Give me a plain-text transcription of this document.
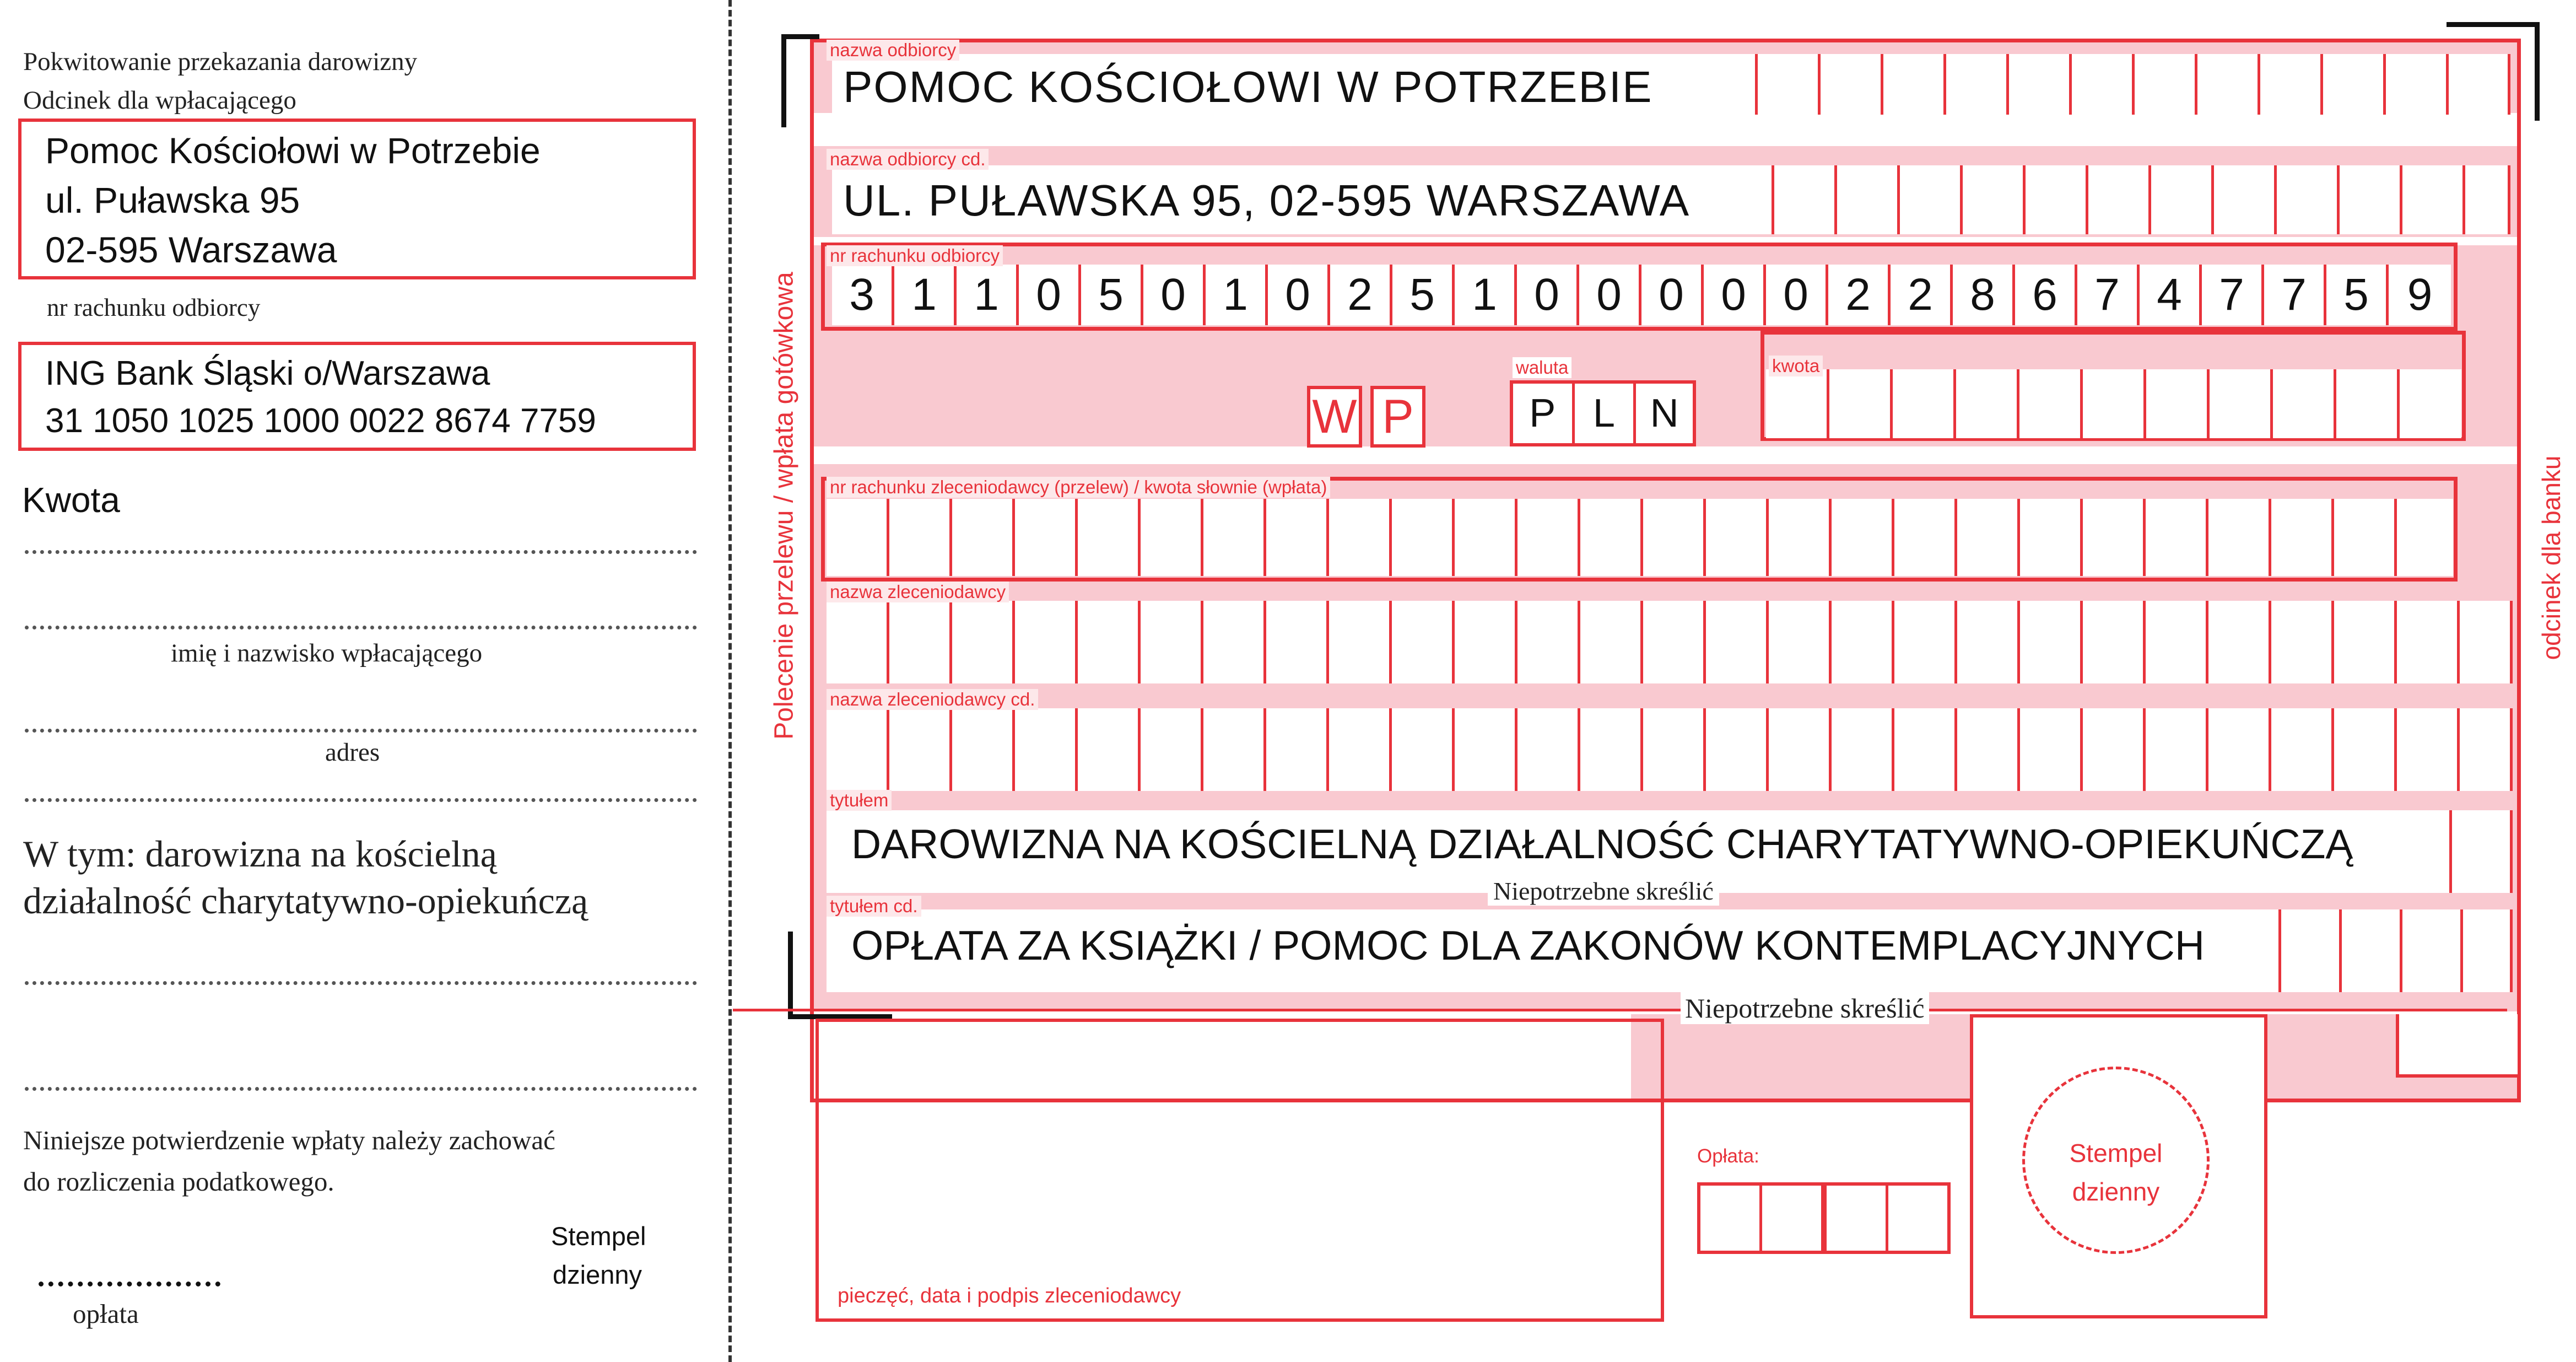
Pokwitowanie przekazania darowizny
Odcinek dla wpłacającego
Pomoc Kościołowi w Potrzebie
ul. Puławska 95
02-595 Warszawa
nr rachunku odbiorcy
ING Bank Śląski o/Warszawa
31 1050 1025 1000 0022 8674 7759
Kwota
imię i nazwisko wpłacającego
adres
W tym: darowizna na kościelną
działalność charytatywno-opiekuńczą
Niniejsze potwierdzenie wpłaty należy zachować
do rozliczenia podatkowego.
Stempel
dzienny
opłata
Polecenie przelewu / wpłata gotówkowa	odcinek dla banku
nazwa odbiorcy
POMOC KOŚCIOŁOWI W POTRZEBIE
nazwa odbiorcy cd.
UL. PUŁAWSKA 95, 02-595 WARSZAWA
3 1 1 0 5 0 1 0 2 5 1 0 0 0 0 0 2 2 8 6 7 4 7 7 5 9
nr rachunku odbiorcy
W P
waluta
P L N
kwota
nr rachunku zleceniodawcy (przelew) / kwota słownie (wpłata)
nazwa zleceniodawcy
nazwa zleceniodawcy cd.
tytułem
DAROWIZNA NA KOŚCIELNĄ DZIAŁALNOŚĆ CHARYTATYWNO-OPIEKUŃCZĄ
Niepotrzebne skreślić
tytułem cd.
OPŁATA ZA KSIĄŻKI / POMOC DLA ZAKONÓW KONTEMPLACYJNYCH
Niepotrzebne skreślić
pieczęć, data i podpis zleceniodawcy
Opłata:	Stempel
dzienny
